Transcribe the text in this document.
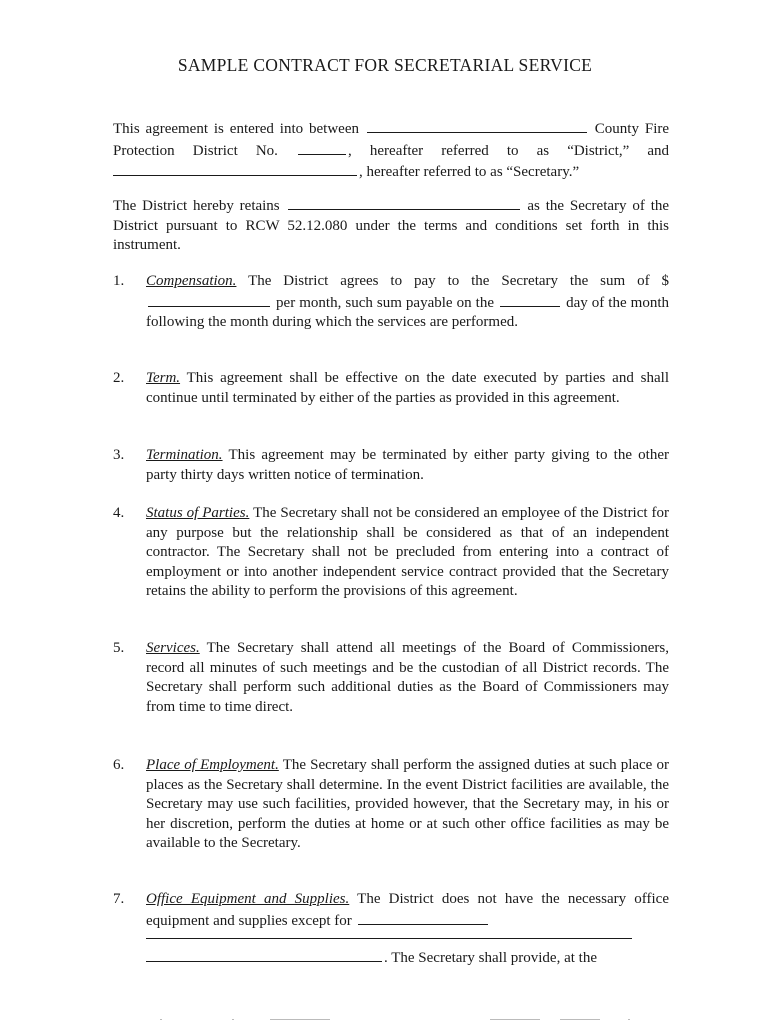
SAMPLE CONTRACT FOR SECRETARIAL SERVICE
This agreement is entered into between	County Fire Protection District No.	, hereafter referred to as “District,” and , hereafter referred to as “Secretary.”
The District hereby retains	as the Secretary of the District pursuant to RCW 52.12.080 under the terms and conditions set forth in this instrument.
1.	Compensation. The District agrees to pay to the Secretary the sum of $ per month, such sum payable on the	day of the month following the month during which the services are performed.
2.	Term. This agreement shall be effective on the date executed by parties and shall continue until terminated by either of the parties as provided in this agreement.
3.	Termination. This agreement may be terminated by either party giving to the other party thirty days written notice of termination.
4.	Status of Parties. The Secretary shall not be considered an employee of the District for any purpose but the relationship shall be considered as that of an independent contractor. The Secretary shall not be precluded from entering into a contract of employment or into another independent service contract provided that the Secretary retains the ability to perform the provisions of this agreement.
5.	Services. The Secretary shall attend all meetings of the Board of Commissioners, record all minutes of such meetings and be the custodian of all District records. The Secretary shall perform such additional duties as the Board of Commissioners may from time to time direct.
6.	Place of Employment. The Secretary shall perform the assigned duties at such place or places as the Secretary shall determine. In the event District facilities are available, the Secretary may use such facilities, provided however, that the Secretary may, in his or her discretion, perform the duties at home or at such other office facilities as may be available to the Secretary.
7.	Office Equipment and Supplies. The District does not have the necessary office equipment and supplies except for
. The Secretary shall provide, at the
